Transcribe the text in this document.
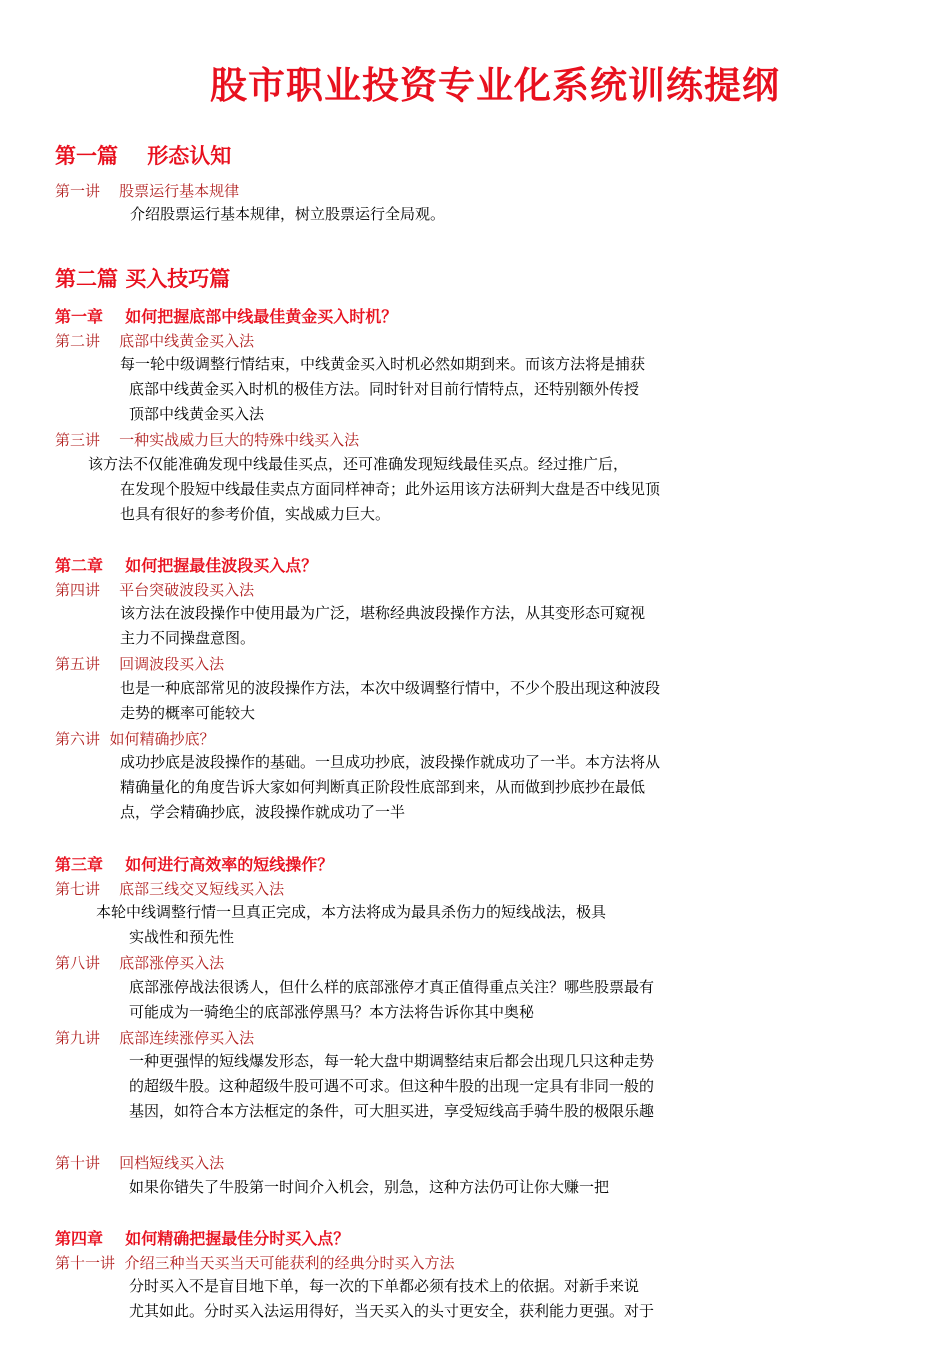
股市职业投资专业化系统训练提纲
第一篇    形态认知
第一讲    股票运行基本规律
介绍股票运行基本规律，树立股票运行全局观。
第二篇 买入技巧篇
第一章    如何把握底部中线最佳黄金买入时机？
第二讲    底部中线黄金买入法
每一轮中级调整行情结束，中线黄金买入时机必然如期到来。而该方法将是捕获
底部中线黄金买入时机的极佳方法。同时针对目前行情特点，还特别额外传授
顶部中线黄金买入法
第三讲    一种实战威力巨大的特殊中线买入法
该方法不仅能准确发现中线最佳买点，还可准确发现短线最佳买点。经过推广后，
在发现个股短中线最佳卖点方面同样神奇；此外运用该方法研判大盘是否中线见顶
也具有很好的参考价值，实战威力巨大。
第二章    如何把握最佳波段买入点？
第四讲    平台突破波段买入法
该方法在波段操作中使用最为广泛，堪称经典波段操作方法，从其变形态可窥视
主力不同操盘意图。
第五讲    回调波段买入法
也是一种底部常见的波段操作方法，本次中级调整行情中，不少个股出现这种波段
走势的概率可能较大
第六讲  如何精确抄底？
成功抄底是波段操作的基础。一旦成功抄底，波段操作就成功了一半。本方法将从
精确量化的角度告诉大家如何判断真正阶段性底部到来，从而做到抄底抄在最低
点，学会精确抄底，波段操作就成功了一半
第三章    如何进行高效率的短线操作？
第七讲    底部三线交叉短线买入法
本轮中线调整行情一旦真正完成，本方法将成为最具杀伤力的短线战法，极具
实战性和预先性
第八讲    底部涨停买入法
底部涨停战法很诱人，但什么样的底部涨停才真正值得重点关注？哪些股票最有
可能成为一骑绝尘的底部涨停黑马？本方法将告诉你其中奥秘
第九讲    底部连续涨停买入法
一种更强悍的短线爆发形态，每一轮大盘中期调整结束后都会出现几只这种走势
的超级牛股。这种超级牛股可遇不可求。但这种牛股的出现一定具有非同一般的
基因，如符合本方法框定的条件，可大胆买进，享受短线高手骑牛股的极限乐趣
第十讲    回档短线买入法
如果你错失了牛股第一时间介入机会，别急，这种方法仍可让你大赚一把
第四章    如何精确把握最佳分时买入点？
第十一讲  介绍三种当天买当天可能获利的经典分时买入方法
分时买入不是盲目地下单，每一次的下单都必须有技术上的依据。对新手来说
尤其如此。分时买入法运用得好，当天买入的头寸更安全，获利能力更强。对于
